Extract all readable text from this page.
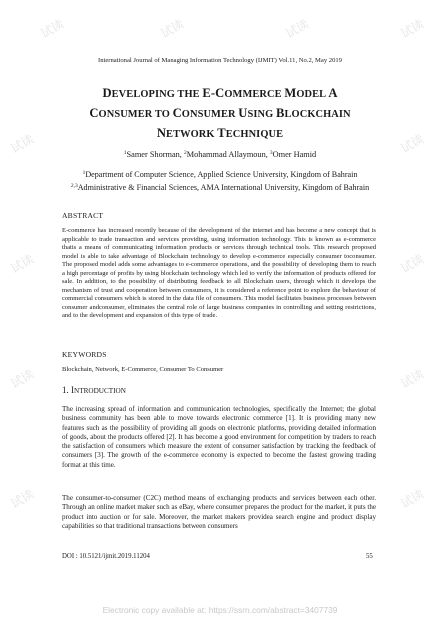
试读	试读	试读	试读
试读	试读
试读	试读
试读	试读
试读	试读
International Journal of Managing Information Technology (IJMIT) Vol.11, No.2, May 2019
DEVELOPING THE E-COMMERCE MODEL A
CONSUMER TO CONSUMER USING BLOCKCHAIN
NETWORK TECHNIQUE
$^1$Samer Shorman, $^2$Mohammad Allaymoun, $^3$Omer Hamid
$^1$Department of Computer Science, Applied Science University, Kingdom of Bahrain
$^{2,3}$Administrative & Financial Sciences, AMA International University, Kingdom of Bahrain
ABSTRACT
E-commerce has increased recently because of the development of the internet and has become a new concept that is applicable to trade transaction and services providing, using information technology. This is known as e-commerce thatis a means of communicating information products or services through technical tools. This research proposed model is able to take advantage of Blockchain technology to develop e-commerce especially consumer toconsumer. The proposed model adds some advantages to e-commerce operations, and the possibility of developing them to reach a high percentage of profits by using blockchain technology which led to verify the information of products offered for sale. In addition, to the possibility of distributing feedback to all Blockchain users, through which it develops the mechanism of trust and cooperation between consumers, it is considered a reference point to explore the behaviour of commercial consumers which is stored in the data file of consumers. This model facilitates business processes between consumer andconsumer, eliminates the central role of large business companies in controlling and setting restrictions, and to the development and expansion of this type of trade.
KEYWORDS
Blockchain, Network, E-Commerce, Consumer To Consumer
1. INTRODUCTION
The increasing spread of information and communication technologies, specifically the Internet; the global business community has been able to move towards electronic commerce [1]. It is providing many new features such as the possibility of providing all goods on electronic platforms, providing detailed information of goods, about the products offered [2]. It has become a good environment for competition by traders to reach the satisfaction of consumers which measure the extent of consumer satisfaction by tracking the feedback of consumers [3]. The growth of the e-commerce economy is expected to become the fastest growing trading format at this time.
The consumer-to-consumer (C2C) method means of exchanging products and services between each other. Through an online market maker such as eBay, where consumer prepares the product for the market, it puts the product into auction or for sale. Moreover, the market makers providea search engine and product display capabilities so that traditional transactions between consumers
DOI : 10.5121/ijmit.2019.11204	55
Electronic copy available at: https://ssrn.com/abstract=3407739
